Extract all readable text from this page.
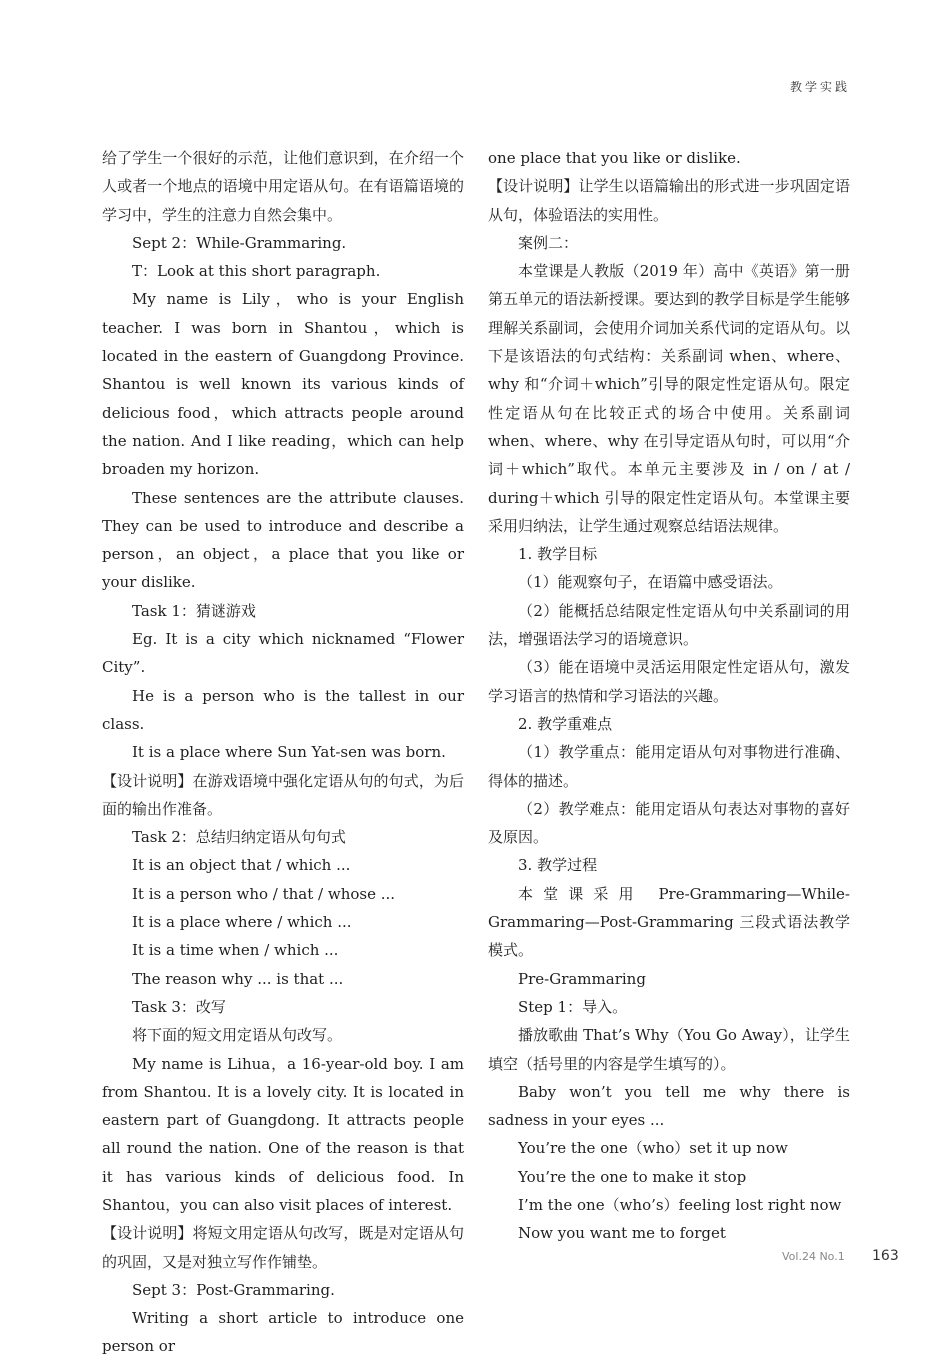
教学实践

给了学生一个很好的示范，让他们意识到，在介绍一个人或者一个地点的语境中用定语从句。在有语篇语境的学习中，学生的注意力自然会集中。

Sept 2：While-Grammaring.

T：Look at this short paragraph.

My name is Lily，who is your English teacher. I was born in Shantou，which is located in the eastern of Guangdong Province. Shantou is well known its various kinds of delicious food，which attracts people around the nation. And I like reading，which can help broaden my horizon.

These sentences are the attribute clauses. They can be used to introduce and describe a person，an object，a place that you like or your dislike.

Task 1：猜谜游戏

Eg. It is a city which nicknamed “Flower City”.

He is a person who is the tallest in our class.

It is a place where Sun Yat-sen was born.

【设计说明】在游戏语境中强化定语从句的句式，为后面的输出作准备。

Task 2：总结归纳定语从句句式

It is an object that / which ...

It is a person who / that / whose ...

It is a place where / which ...

It is a time when / which ...

The reason why ... is that ...

Task 3：改写

将下面的短文用定语从句改写。

My name is Lihua，a 16-year-old boy. I am from Shantou. It is a lovely city. It is located in eastern part of Guangdong. It attracts people all round the nation. One of the reason is that it has various kinds of delicious food. In Shantou，you can also visit places of interest.

【设计说明】将短文用定语从句改写，既是对定语从句的巩固，又是对独立写作作铺垫。

Sept 3：Post-Grammaring.

Writing a short article to introduce one person or

one place that you like or dislike.

【设计说明】让学生以语篇输出的形式进一步巩固定语从句，体验语法的实用性。

案例二：

本堂课是人教版（2019 年）高中《英语》第一册第五单元的语法新授课。要达到的教学目标是学生能够理解关系副词，会使用介词加关系代词的定语从句。以下是该语法的句式结构：关系副词 when、where、why 和“介词＋which”引导的限定性定语从句。限定性定语从句在比较正式的场合中使用。关系副词 when、where、why 在引导定语从句时，可以用“介词＋which”取代。本单元主要涉及 in / on / at / during＋which 引导的限定性定语从句。本堂课主要采用归纳法，让学生通过观察总结语法规律。

1. 教学目标

（1）能观察句子，在语篇中感受语法。

（2）能概括总结限定性定语从句中关系副词的用法，增强语法学习的语境意识。

（3）能在语境中灵活运用限定性定语从句，激发学习语言的热情和学习语法的兴趣。

2. 教学重难点

（1）教学重点：能用定语从句对事物进行准确、得体的描述。

（2）教学难点：能用定语从句表达对事物的喜好及原因。

3. 教学过程

本堂课采用 Pre-Grammaring—While-Grammaring—Post-Grammaring 三段式语法教学模式。

Pre-Grammaring

Step 1：导入。

播放歌曲 That’s Why（You Go Away），让学生填空（括号里的内容是学生填写的）。

Baby won’t you tell me why there is sadness in your eyes ...

You’re the one（who）set it up now

You’re the one to make it stop

I’m the one（who’s）feeling lost right now

Now you want me to forget

Vol.24 No.1 163
